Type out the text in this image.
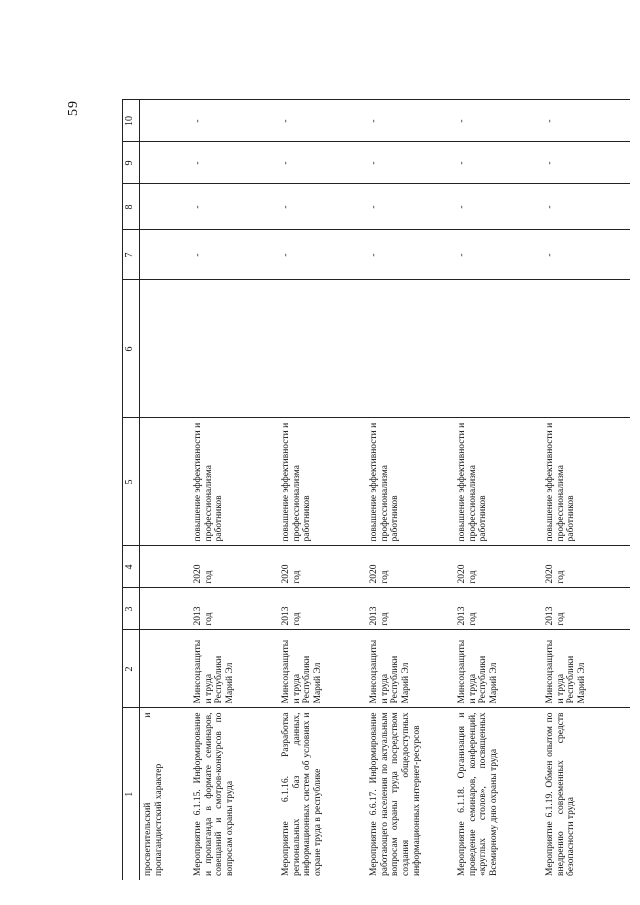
59
1	2	3	4	5	6	7	8	9	10
просветительский
и

пропагандистский характер									
Мероприятие 6.1.15. Информирование и пропаганда в формате семинаров, совещаний и смотров-конкурсов по вопросам охраны труда	Минсоцзащиты и труда Республики Марий Эл	2013 год	2020 год	повышение эффективности и профессионализма работников		-	-	-	-
Мероприятие 6.1.16. Разработка региональных баз данных, информационных систем об условиях и охране труда в республике	Минсоцзащиты и труда Республики Марий Эл	2013 год	2020 год	повышение эффективности и профессионализма работников		-	-	-	-
Мероприятие 6.6.17. Информирование работающего населения по актуальным вопросам охраны труда посредством создания общедоступных информационных интернет-ресурсов	Минсоцзащиты и труда Республики Марий Эл	2013 год	2020 год	повышение эффективности и профессионализма работников		-	-	-	-
Мероприятие 6.1.18. Организация и проведение семинаров, конференций, «круглых столов», посвященных Всемирному дню охраны труда	Минсоцзащиты и труда Республики Марий Эл	2013 год	2020 год	повышение эффективности и профессионализма работников		-	-	-	-
Мероприятие 6.1.19. Обмен опытом по внедрению современных средств безопасности труда	Минсоцзащиты и труда Республики Марий Эл	2013 год	2020 год	повышение эффективности и профессионализма работников		-	-	-	-
